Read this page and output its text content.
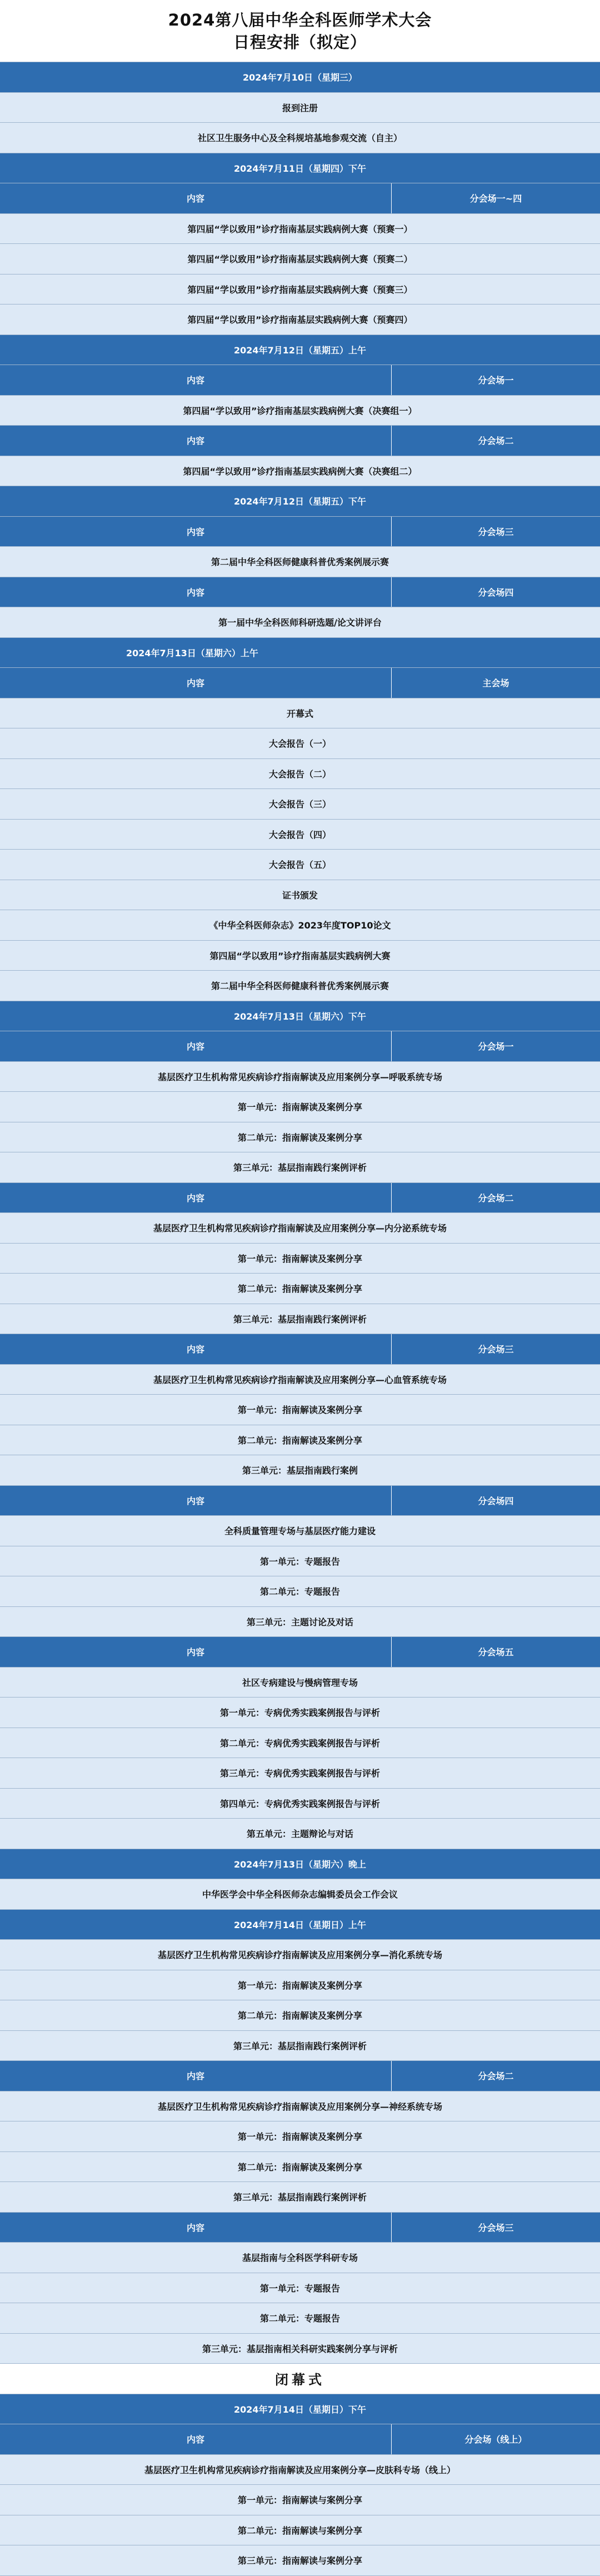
2024第八届中华全科医师学术大会
日程安排（拟定）
2024年7月10日（星期三）
报到注册
社区卫生服务中心及全科规培基地参观交流（自主）
2024年7月11日（星期四）下午
内容	分会场一~四
第四届“学以致用”诊疗指南基层实践病例大赛（预赛一）
第四届“学以致用”诊疗指南基层实践病例大赛（预赛二）
第四届“学以致用”诊疗指南基层实践病例大赛（预赛三）
第四届“学以致用”诊疗指南基层实践病例大赛（预赛四）
2024年7月12日（星期五）上午
内容	分会场一
第四届“学以致用”诊疗指南基层实践病例大赛（决赛组一）
内容	分会场二
第四届“学以致用”诊疗指南基层实践病例大赛（决赛组二）
2024年7月12日（星期五）下午
内容	分会场三
第二届中华全科医师健康科普优秀案例展示赛
内容	分会场四
第一届中华全科医师科研选题/论文讲评台
2024年7月13日（星期六）上午
内容	主会场
开幕式
大会报告（一）
大会报告（二）
大会报告（三）
大会报告（四）
大会报告（五）
证书颁发
《中华全科医师杂志》2023年度TOP10论文
第四届“学以致用”诊疗指南基层实践病例大赛
第二届中华全科医师健康科普优秀案例展示赛
2024年7月13日（星期六）下午
内容	分会场一
基层医疗卫生机构常见疾病诊疗指南解读及应用案例分享—呼吸系统专场
第一单元：指南解读及案例分享
第二单元：指南解读及案例分享
第三单元：基层指南践行案例评析
内容	分会场二
基层医疗卫生机构常见疾病诊疗指南解读及应用案例分享—内分泌系统专场
第一单元：指南解读及案例分享
第二单元：指南解读及案例分享
第三单元：基层指南践行案例评析
内容	分会场三
基层医疗卫生机构常见疾病诊疗指南解读及应用案例分享—心血管系统专场
第一单元：指南解读及案例分享
第二单元：指南解读及案例分享
第三单元：基层指南践行案例
内容	分会场四
全科质量管理专场与基层医疗能力建设
第一单元：专题报告
第二单元：专题报告
第三单元：主题讨论及对话
内容	分会场五
社区专病建设与慢病管理专场
第一单元：专病优秀实践案例报告与评析
第二单元：专病优秀实践案例报告与评析
第三单元：专病优秀实践案例报告与评析
第四单元：专病优秀实践案例报告与评析
第五单元：主题辩论与对话
2024年7月13日（星期六）晚上
中华医学会中华全科医师杂志编辑委员会工作会议
2024年7月14日（星期日）上午
基层医疗卫生机构常见疾病诊疗指南解读及应用案例分享—消化系统专场
第一单元：指南解读及案例分享
第二单元：指南解读及案例分享
第三单元：基层指南践行案例评析
内容	分会场二
基层医疗卫生机构常见疾病诊疗指南解读及应用案例分享—神经系统专场
第一单元：指南解读及案例分享
第二单元：指南解读及案例分享
第三单元：基层指南践行案例评析
内容	分会场三
基层指南与全科医学科研专场
第一单元：专题报告
第二单元：专题报告
第三单元：基层指南相关科研实践案例分享与评析
闭幕式
2024年7月14日（星期日）下午
内容	分会场（线上）
基层医疗卫生机构常见疾病诊疗指南解读及应用案例分享—皮肤科专场（线上）
第一单元：指南解读与案例分享
第二单元：指南解读与案例分享
第三单元：指南解读与案例分享
